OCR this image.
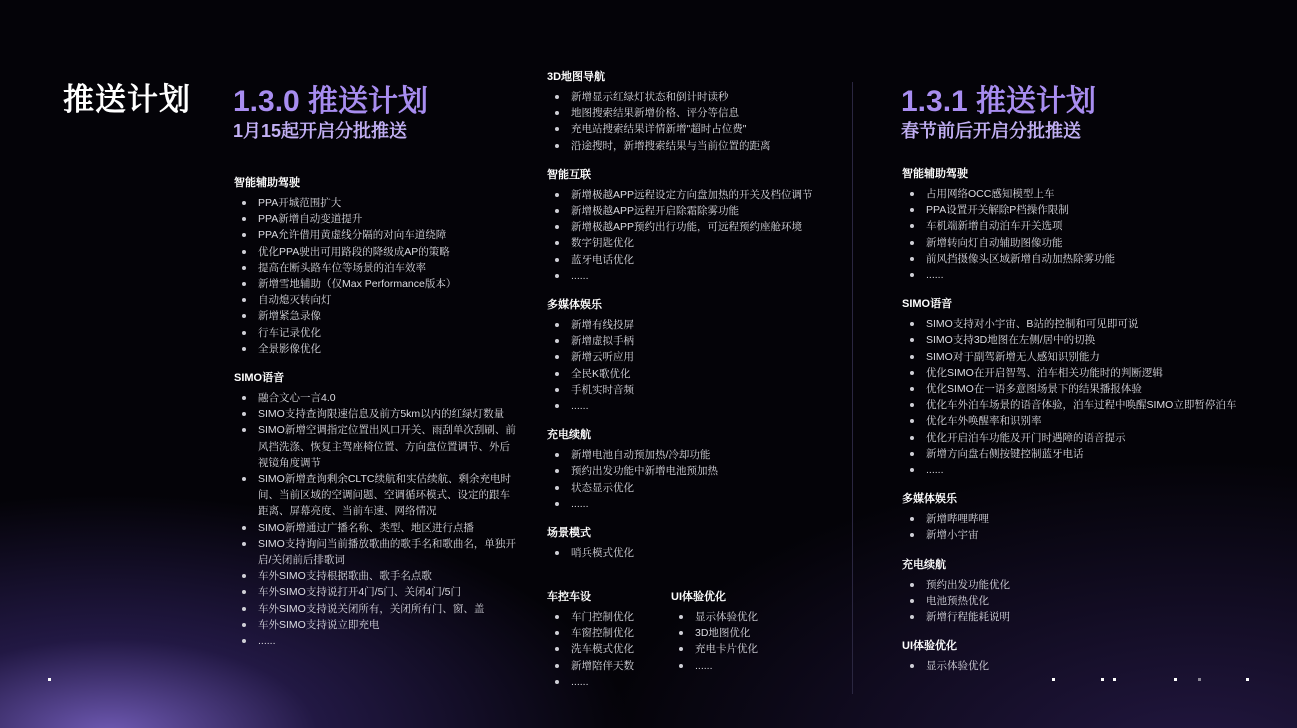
推送计划 1.3.0 推送计划
1月15起开启分批推送
1.3.1 推送计划
春节前后开启分批推送
智能辅助驾驶
PPA开城范围扩大
PPA新增自动变道提升
PPA允许借用黄虚线分隔的对向车道绕障
优化PPA驶出可用路段的降级成AP的策略
提高在断头路车位等场景的泊车效率
新增雪地辅助（仅Max Performance版本）
自动熄灭转向灯
新增紧急录像
行车记录优化
全景影像优化
SIMO语音
融合文心一言4.0
SIMO支持查询限速信息及前方5km以内的红绿灯数量
SIMO新增空调指定位置出风口开关、雨刮单次刮刷、前风挡洗涤、恢复主驾座椅位置、方向盘位置调节、外后视镜角度调节
SIMO新增查询剩余CLTC续航和实估续航、剩余充电时间、当前区域的空调问题、空调循环模式、设定的跟车距离、屏幕亮度、当前车速、网络情况
SIMO新增通过广播名称、类型、地区进行点播
SIMO支持询问当前播放歌曲的歌手名和歌曲名，单独开启/关闭前后排歌词
车外SIMO支持根据歌曲、歌手名点歌
车外SIMO支持说打开4门/5门、关闭4门/5门
车外SIMO支持说关闭所有，关闭所有门、窗、盖
车外SIMO支持说立即充电
......
3D地图导航
新增显示红绿灯状态和倒计时读秒
地图搜索结果新增价格、评分等信息
充电站搜索结果详情新增"超时占位费"
沿途搜时，新增搜索结果与当前位置的距离
智能互联
新增极越APP远程设定方向盘加热的开关及档位调节
新增极越APP远程开启除霜除雾功能
新增极越APP预约出行功能，可远程预约座舱环境
数字钥匙优化
蓝牙电话优化
......
多媒体娱乐
新增有线投屏
新增虚拟手柄
新增云听应用
全民K歌优化
手机实时音频
......
充电续航
新增电池自动预加热/冷却功能
预约出发功能中新增电池预加热
状态显示优化
......
场景模式
哨兵模式优化
车控车设
车门控制优化
车窗控制优化
洗车模式优化
新增陪伴天数
......
UI体验优化
显示体验优化
3D地图优化
充电卡片优化
......
智能辅助驾驶
占用网络OCC感知模型上车
PPA设置开关解除P档操作限制
车机端新增自动泊车开关选项
新增转向灯自动辅助图像功能
前风挡摄像头区域新增自动加热除雾功能
......
SIMO语音
SIMO支持对小宇宙、B站的控制和可见即可说
SIMO支持3D地图在左侧/居中的切换
SIMO对于副驾新增无人感知识别能力
优化SIMO在开启智驾、泊车相关功能时的判断逻辑
优化SIMO在一语多意图场景下的结果播报体验
优化车外泊车场景的语音体验，泊车过程中唤醒SIMO立即暂停泊车
优化车外唤醒率和识别率
优化开启泊车功能及开门时遇障的语音提示
新增方向盘右侧按键控制蓝牙电话
......
多媒体娱乐
新增哔哩哔哩
新增小宇宙
充电续航
预约出发功能优化
电池预热优化
新增行程能耗说明
UI体验优化
显示体验优化
